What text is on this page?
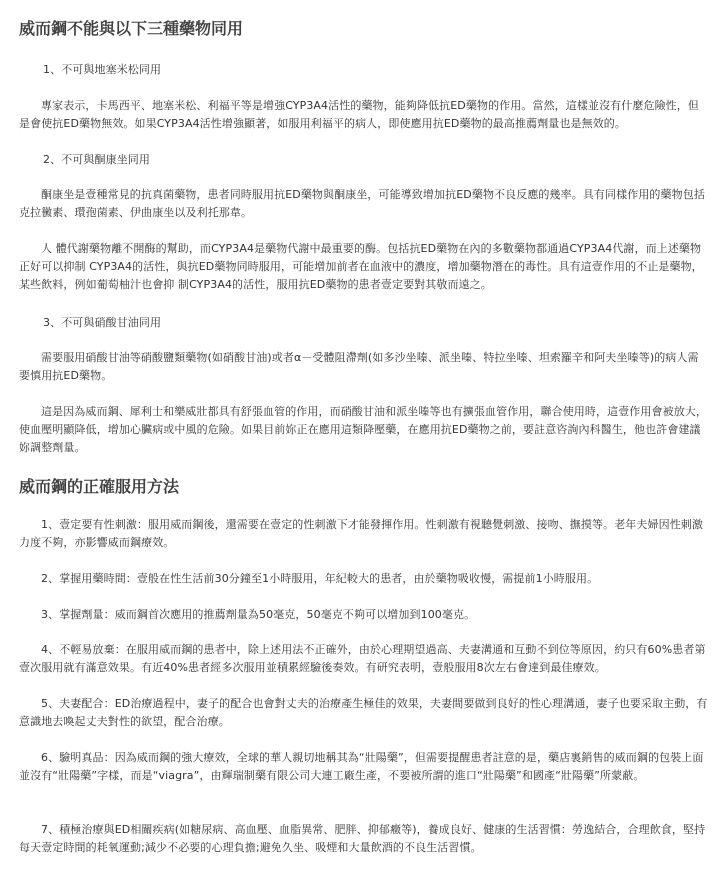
威而鋼不能與以下三種藥物同用

1、不可與地塞米松同用

專家表示，卡馬西平、地塞米松、利福平等是增強CYP3A4活性的藥物，能夠降低抗ED藥物的作用。當然，這樣並沒有什麼危險性，但是會使抗ED藥物無效。如果CYP3A4活性增強顯著，如服用利福平的病人，即使應用抗ED藥物的最高推薦劑量也是無效的。

2、不可與酮康坐同用

酮康坐是壹種常見的抗真菌藥物，患者同時服用抗ED藥物與酮康坐，可能導致增加抗ED藥物不良反應的幾率。具有同樣作用的藥物包括克拉黴素、環孢菌素、伊曲康坐以及利托那韋。

人 體代謝藥物離不開酶的幫助，而CYP3A4是藥物代謝中最重要的酶。包括抗ED藥物在內的多數藥物都通過CYP3A4代謝，而上述藥物正好可以抑制 CYP3A4的活性，與抗ED藥物同時服用，可能增加前者在血液中的濃度，增加藥物潛在的毒性。具有這壹作用的不止是藥物，某些飲料，例如葡萄柚汁也會抑 制CYP3A4的活性，服用抗ED藥物的患者壹定要對其敬而遠之。

3、不可與硝酸甘油同用

需要服用硝酸甘油等硝酸鹽類藥物(如硝酸甘油)或者α－受體阻滯劑(如多沙坐嗪、派坐嗪、特拉坐嗪、坦索羅辛和阿夫坐嗪等)的病人需要慎用抗ED藥物。

這是因為威而鋼、犀利士和樂威壯都具有舒張血管的作用，而硝酸甘油和派坐嗪等也有擴張血管作用，聯合使用時，這壹作用會被放大，使血壓明顯降低，增加心臟病或中風的危險。如果目前妳正在應用這類降壓藥，在應用抗ED藥物之前，要註意咨詢內科醫生，他也許會建議妳調整劑量。

威而鋼的正確服用方法

1、壹定要有性刺激：服用威而鋼後，還需要在壹定的性刺激下才能發揮作用。性刺激有視聽覺刺激、接吻、撫摸等。老年夫婦因性刺激力度不夠，亦影響威而鋼療效。

2、掌握用藥時間：壹般在性生活前30分鐘至1小時服用，年紀較大的患者，由於藥物吸收慢，需提前1小時服用。

3、掌握劑量：威而鋼首次應用的推薦劑量為50毫克，50毫克不夠可以增加到100毫克。

4、不輕易放棄：在服用威而鋼的患者中，除上述用法不正確外，由於心理期望過高、夫妻溝通和互動不到位等原因，約只有60%患者第壹次服用就有滿意效果。有近40%患者經多次服用並積累經驗後奏效。有研究表明，壹般服用8次左右會達到最佳療效。

5、夫妻配合：ED治療過程中，妻子的配合也會對丈夫的治療產生極佳的效果，夫妻間要做到良好的性心理溝通，妻子也要采取主動，有意識地去喚起丈夫對性的欲望，配合治療。

6、驗明真品：因為威而鋼的強大療效，全球的華人親切地稱其為“壯陽藥”，但需要提醒患者註意的是，藥店裏銷售的威而鋼的包裝上面並沒有“壯陽藥”字樣，而是“viagra”，由輝瑞制藥有限公司大連工廠生產，不要被所謂的進口“壯陽藥”和國產“壯陽藥”所蒙蔽。

7、積極治療與ED相關疾病(如糖尿病、高血壓、血脂異常、肥胖、抑郁癥等)，養成良好、健康的生活習慣：勞逸結合，合理飲食，堅持每天壹定時間的耗氧運動;減少不必要的心理負擔;避免久坐、吸煙和大量飲酒的不良生活習慣。
